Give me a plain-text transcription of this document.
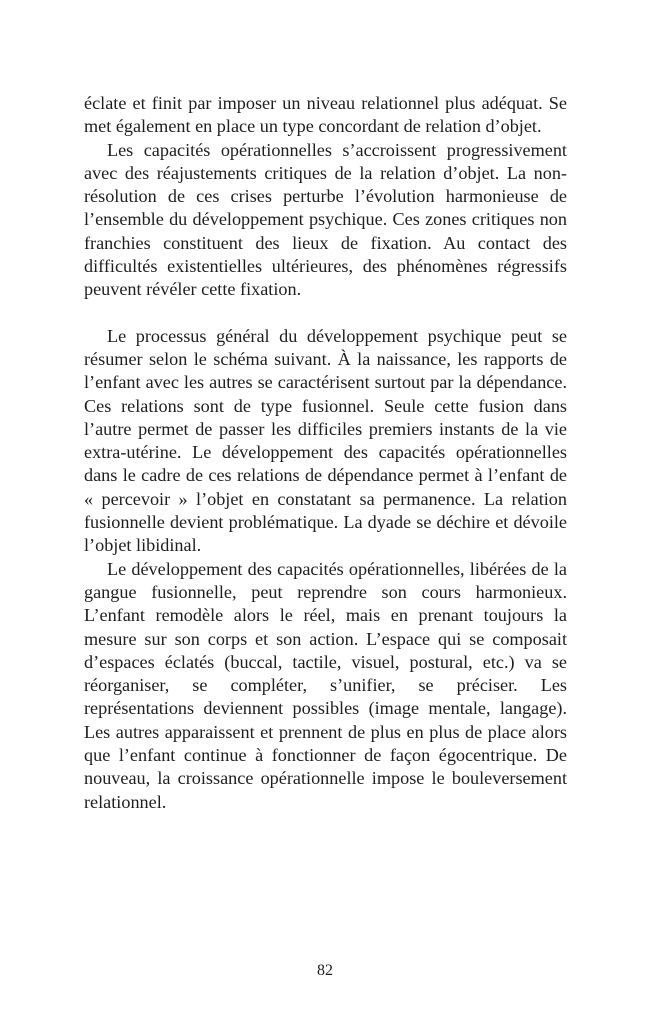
éclate et finit par imposer un niveau relationnel plus adéquat. Se met également en place un type concordant de relation d’objet.

Les capacités opérationnelles s’accroissent progressivement avec des réajustements critiques de la relation d’objet. La non-résolution de ces crises perturbe l’évolution harmonieuse de l’ensemble du développement psychique. Ces zones critiques non franchies constituent des lieux de fixation. Au contact des difficultés existentielles ultérieures, des phénomènes régressifs peuvent révéler cette fixation.

Le processus général du développement psychique peut se résumer selon le schéma suivant. À la naissance, les rapports de l’enfant avec les autres se caractérisent surtout par la dépendance. Ces relations sont de type fusionnel. Seule cette fusion dans l’autre permet de passer les difficiles premiers instants de la vie extra-utérine. Le développement des capacités opérationnelles dans le cadre de ces relations de dépendance permet à l’enfant de « percevoir » l’objet en constatant sa permanence. La relation fusionnelle devient problématique. La dyade se déchire et dévoile l’objet libidinal.

Le développement des capacités opérationnelles, libérées de la gangue fusionnelle, peut reprendre son cours harmonieux. L’enfant remodèle alors le réel, mais en prenant toujours la mesure sur son corps et son action. L’espace qui se composait d’espaces éclatés (buccal, tactile, visuel, postural, etc.) va se réorganiser, se compléter, s’unifier, se préciser. Les représentations deviennent possibles (image mentale, langage). Les autres apparaissent et prennent de plus en plus de place alors que l’enfant continue à fonctionner de façon égocentrique. De nouveau, la croissance opérationnelle impose le bouleversement relationnel.

82
